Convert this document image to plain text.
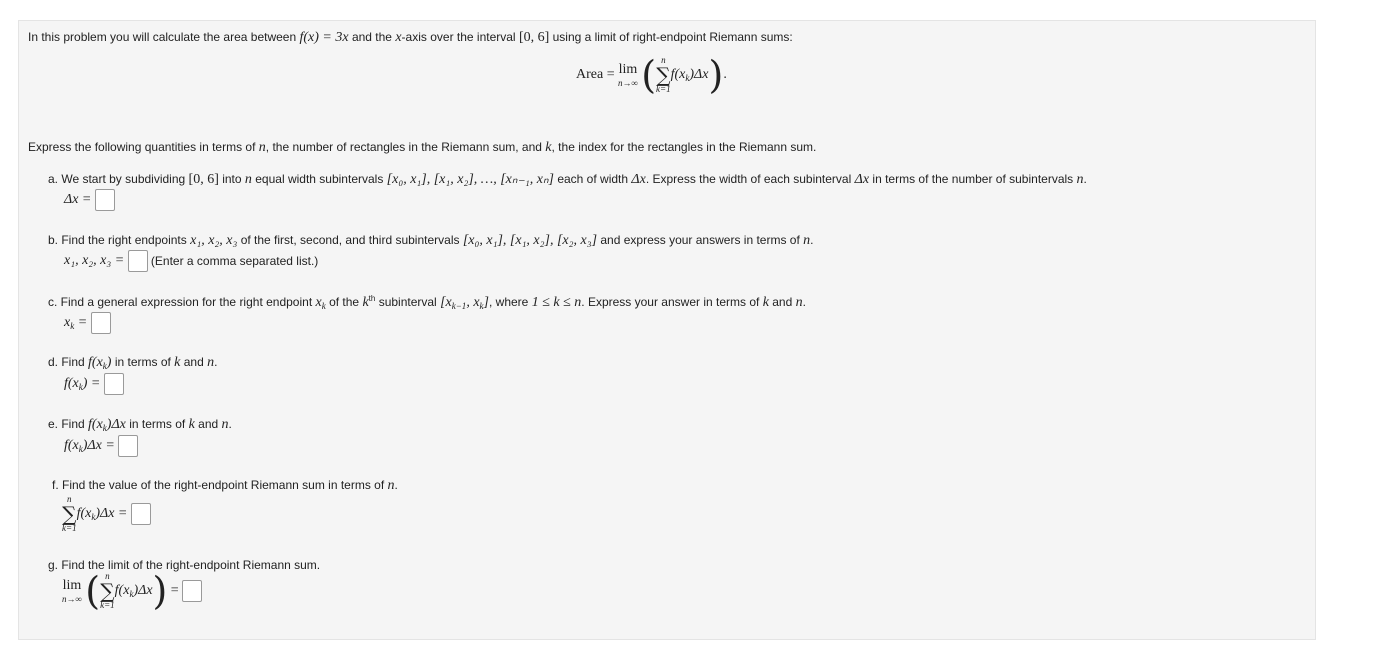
In this problem you will calculate the area between f(x) = 3x and the x-axis over the interval [0, 6] using a limit of right-endpoint Riemann sums:
Area = lim
n→∞ ( n
∑
k=1
$f(x_k)\Delta x$).
Express the following quantities in terms of n, the number of rectangles in the Riemann sum, and k, the index for the rectangles in the Riemann sum.
a. We start by subdividing [0, 6] into n equal width subintervals [x₀, x₁], [x₁, x₂], …, [xₙ₋₁, xₙ] each of width Δx. Express the width of each subinterval Δx in terms of the number of subintervals n.
Δx =
b. Find the right endpoints x₁, x₂, x₃ of the first, second, and third subintervals [x₀, x₁], [x₁, x₂], [x₂, x₃] and express your answers in terms of n.
x₁, x₂, x₃ = (Enter a comma separated list.)
c. Find a general expression for the right endpoint $x_k$ of the $k^{th}$ subinterval [$x_{k-1}$, $x_k$], where 1 ≤ k ≤ n. Express your answer in terms of k and n.
$x_k$ =
d. Find $f(x_k)$ in terms of k and n.
$f(x_k)$ =
e. Find $f(x_k)\Delta x$ in terms of k and n.
$f(x_k)\Delta x$ =
f. Find the value of the right-endpoint Riemann sum in terms of n.
n
∑
k=1
$f(x_k)\Delta x$ =
g. Find the limit of the right-endpoint Riemann sum.
lim
n→∞ ( n
∑
k=1
$f(x_k)\Delta x$) =
